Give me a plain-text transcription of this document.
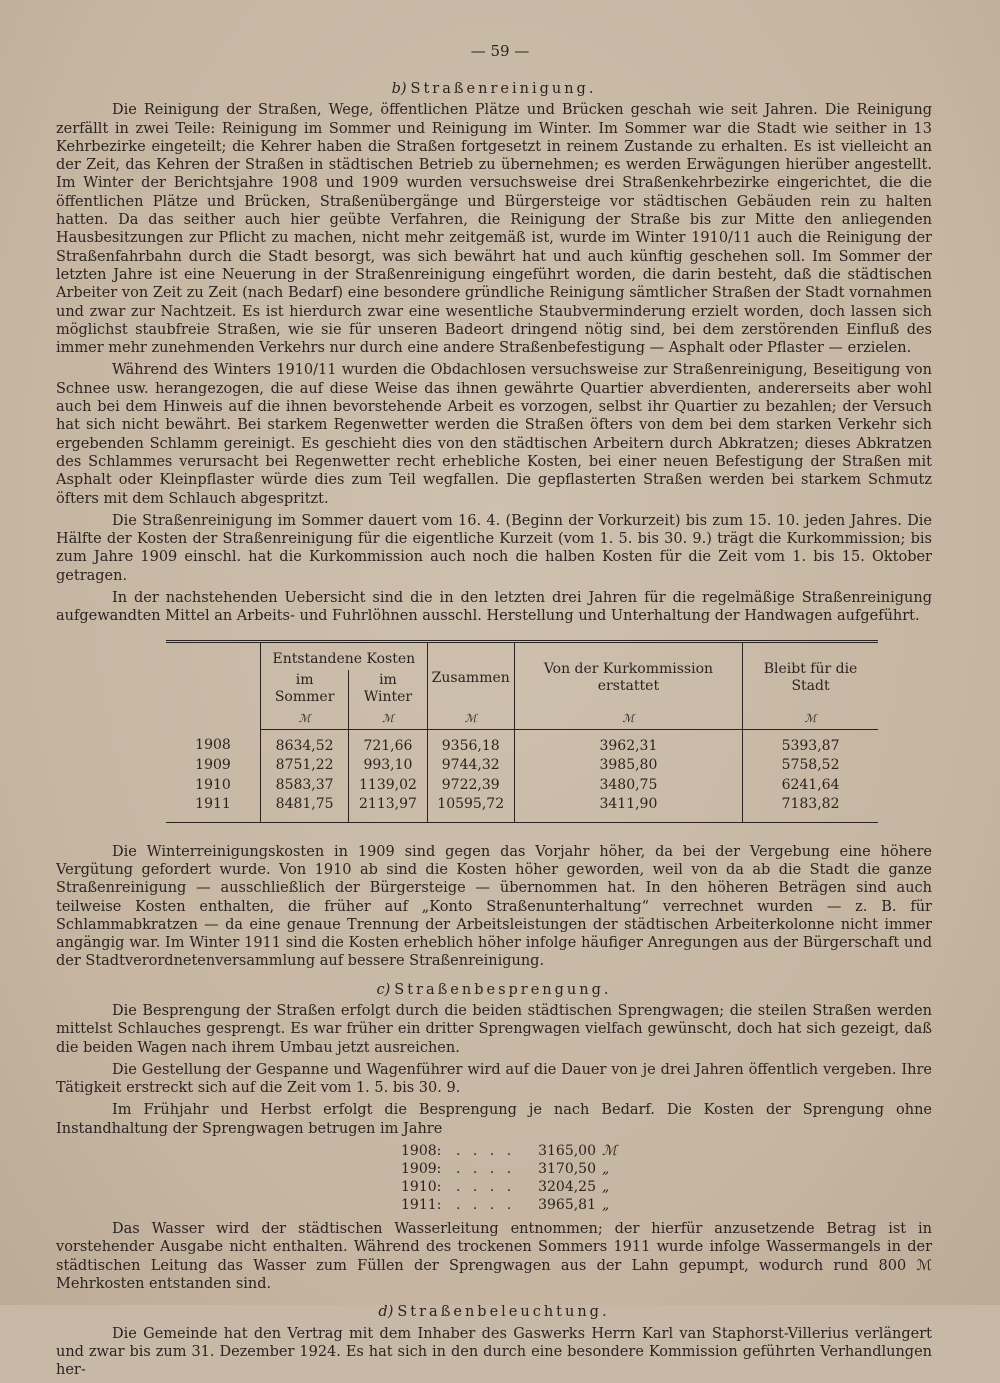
— 59 —
b) Straßenreinigung.

Die Reinigung der Straßen, Wege, öffentlichen Plätze und Brücken geschah wie seit Jahren. Die Reinigung zerfällt in zwei Teile: Reinigung im Sommer und Reinigung im Winter. Im Sommer war die Stadt wie seither in 13 Kehrbezirke eingeteilt; die Kehrer haben die Straßen fortgesetzt in reinem Zustande zu erhalten. Es ist vielleicht an der Zeit, das Kehren der Straßen in städtischen Betrieb zu übernehmen; es werden Erwägungen hierüber angestellt. Im Winter der Berichtsjahre 1908 und 1909 wurden versuchsweise drei Straßenkehrbezirke eingerichtet, die die öffentlichen Plätze und Brücken, Straßenübergänge und Bürgersteige vor städtischen Gebäuden rein zu halten hatten. Da das seither auch hier geübte Verfahren, die Reinigung der Straße bis zur Mitte den anliegenden Hausbesitzungen zur Pflicht zu machen, nicht mehr zeitgemäß ist, wurde im Winter 1910/11 auch die Reinigung der Straßenfahrbahn durch die Stadt besorgt, was sich bewährt hat und auch künftig geschehen soll. Im Sommer der letzten Jahre ist eine Neuerung in der Straßenreinigung eingeführt worden, die darin besteht, daß die städtischen Arbeiter von Zeit zu Zeit (nach Bedarf) eine besondere gründliche Reinigung sämtlicher Straßen der Stadt vornahmen und zwar zur Nachtzeit. Es ist hierdurch zwar eine wesentliche Staubverminderung erzielt worden, doch lassen sich möglichst staubfreie Straßen, wie sie für unseren Badeort dringend nötig sind, bei dem zerstörenden Einfluß des immer mehr zunehmenden Verkehrs nur durch eine andere Straßenbefestigung — Asphalt oder Pflaster — erzielen.

Während des Winters 1910/11 wurden die Obdachlosen versuchsweise zur Straßenreinigung, Beseitigung von Schnee usw. herangezogen, die auf diese Weise das ihnen gewährte Quartier abverdienten, andererseits aber wohl auch bei dem Hinweis auf die ihnen bevorstehende Arbeit es vorzogen, selbst ihr Quartier zu bezahlen; der Versuch hat sich nicht bewährt. Bei starkem Regenwetter werden die Straßen öfters von dem bei dem starken Verkehr sich ergebenden Schlamm gereinigt. Es geschieht dies von den städtischen Arbeitern durch Abkratzen; dieses Abkratzen des Schlammes verursacht bei Regenwetter recht erhebliche Kosten, bei einer neuen Befestigung der Straßen mit Asphalt oder Kleinpflaster würde dies zum Teil wegfallen. Die gepflasterten Straßen werden bei starkem Schmutz öfters mit dem Schlauch abgespritzt.

Die Straßenreinigung im Sommer dauert vom 16. 4. (Beginn der Vorkurzeit) bis zum 15. 10. jeden Jahres. Die Hälfte der Kosten der Straßenreinigung für die eigentliche Kurzeit (vom 1. 5. bis 30. 9.) trägt die Kurkommission; bis zum Jahre 1909 einschl. hat die Kurkommission auch noch die halben Kosten für die Zeit vom 1. bis 15. Oktober getragen.

In der nachstehenden Uebersicht sind die in den letzten drei Jahren für die regelmäßige Straßenreinigung aufgewandten Mittel an Arbeits- und Fuhrlöhnen ausschl. Herstellung und Unterhaltung der Handwagen aufgeführt.

	Entstandene Kosten		Zusammen	Von der Kurkommission erstattet	Bleibt für die Stadt
	im Sommer	im Winter			
	ℳ	ℳ	ℳ	ℳ	ℳ
1908	8634,52	721,66	9356,18	3962,31	5393,87
1909	8751,22	993,10	9744,32	3985,80	5758,52
1910	8583,37	1139,02	9722,39	3480,75	6241,64
1911	8481,75	2113,97	10595,72	3411,90	7183,82

Die Winterreinigungskosten in 1909 sind gegen das Vorjahr höher, da bei der Vergebung eine höhere Vergütung gefordert wurde. Von 1910 ab sind die Kosten höher geworden, weil von da ab die Stadt die ganze Straßenreinigung — ausschließlich der Bürgersteige — übernommen hat. In den höheren Beträgen sind auch teilweise Kosten enthalten, die früher auf „Konto Straßenunterhaltung“ verrechnet wurden — z. B. für Schlammabkratzen — da eine genaue Trennung der Arbeitsleistungen der städtischen Arbeiterkolonne nicht immer angängig war. Im Winter 1911 sind die Kosten erheblich höher infolge häufiger Anregungen aus der Bürgerschaft und der Stadtverordnetenversammlung auf bessere Straßenreinigung.

c) Straßenbesprengung.

Die Besprengung der Straßen erfolgt durch die beiden städtischen Sprengwagen; die steilen Straßen werden mittelst Schlauches gesprengt. Es war früher ein dritter Sprengwagen vielfach gewünscht, doch hat sich gezeigt, daß die beiden Wagen nach ihrem Umbau jetzt ausreichen.

Die Gestellung der Gespanne und Wagenführer wird auf die Dauer von je drei Jahren öffentlich vergeben. Ihre Tätigkeit erstreckt sich auf die Zeit vom 1. 5. bis 30. 9.

Im Frühjahr und Herbst erfolgt die Besprengung je nach Bedarf. Die Kosten der Sprengung ohne Instandhaltung der Sprengwagen betrugen im Jahre

1908:	. . . .	3165,00 ℳ
1909:	. . . .	3170,50 „
1910:	. . . .	3204,25 „
1911:	. . . .	3965,81 „

Das Wasser wird der städtischen Wasserleitung entnommen; der hierfür anzusetzende Betrag ist in vorstehender Ausgabe nicht enthalten. Während des trockenen Sommers 1911 wurde infolge Wassermangels in der städtischen Leitung das Wasser zum Füllen der Sprengwagen aus der Lahn gepumpt, wodurch rund 800 ℳ Mehrkosten entstanden sind.

d) Straßenbeleuchtung.

Die Gemeinde hat den Vertrag mit dem Inhaber des Gaswerks Herrn Karl van Staphorst-Villerius verlängert und zwar bis zum 31. Dezember 1924. Es hat sich in den durch eine besondere Kommission geführten Verhandlungen her-
